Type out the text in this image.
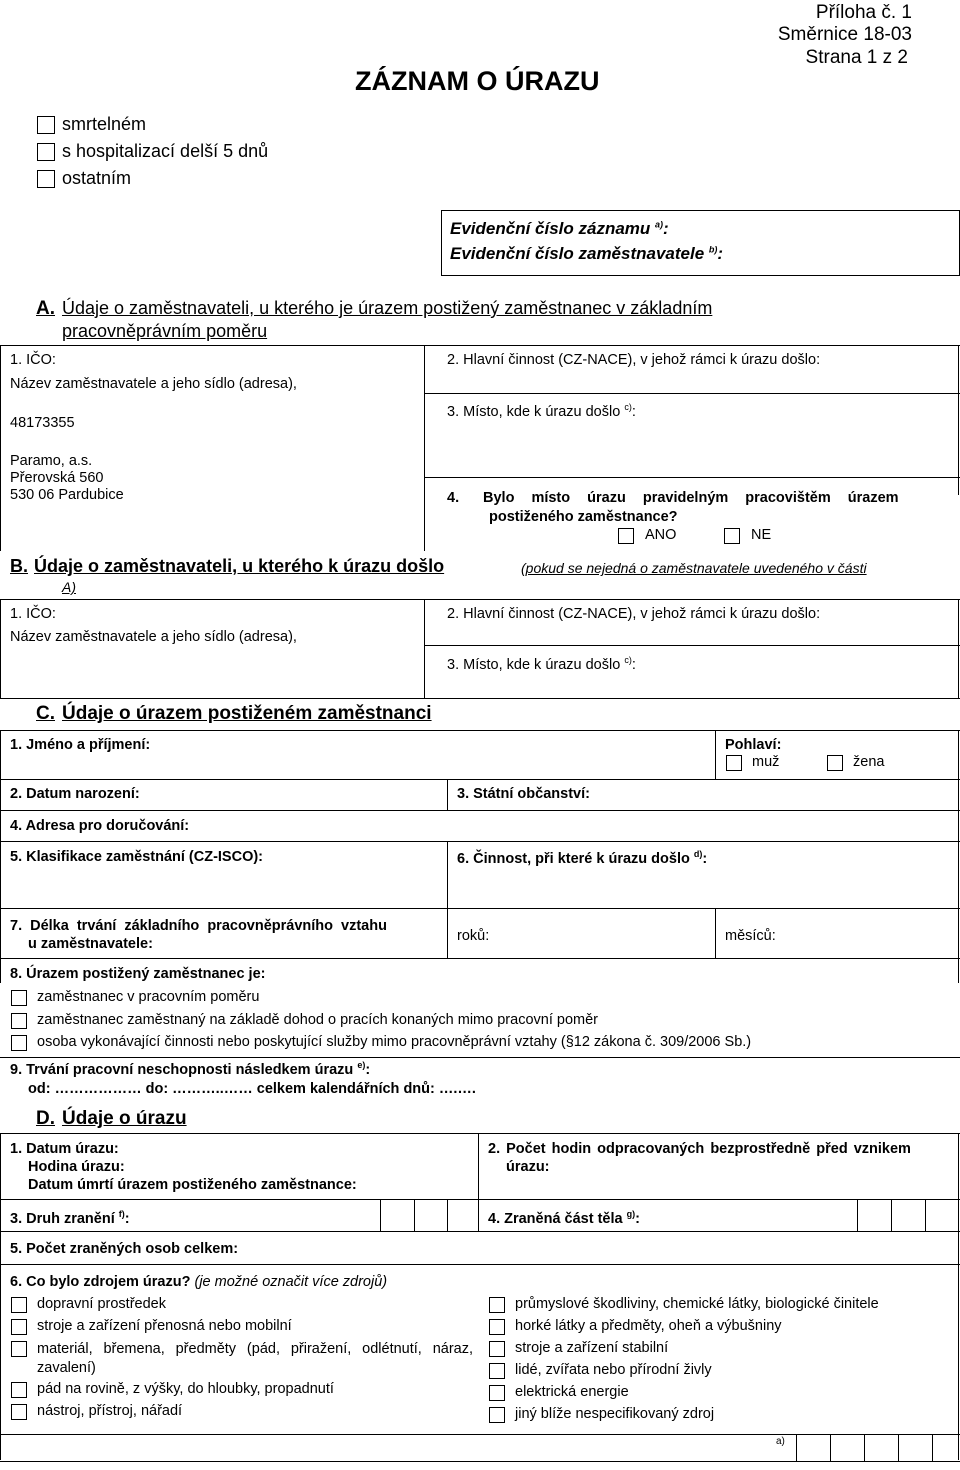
Příloha č. 1
Směrnice 18-03
Strana 1 z 2
ZÁZNAM O ÚRAZU
smrtelném
s hospitalizací delší 5 dnů
ostatním
Evidenční číslo záznamu $^{a)}$:
Evidenční číslo zaměstnavatele $^{b)}$:
A. Údaje o zaměstnavateli, u kterého je úrazem postižený zaměstnanec v základním
pracovněprávním poměru
1. IČO:
Název zaměstnavatele a jeho sídlo (adresa),
48173355
Paramo, a.s.
Přerovská 560
530 06 Pardubice
2. Hlavní činnost (CZ-NACE), v jehož rámci k úrazu došlo:
3. Místo, kde k úrazu došlo $^{c)}$:
4. Bylo místo úrazu pravidelným pracovištěm úrazem
postiženého zaměstnance?
ANO	NE
B. Údaje o zaměstnavateli, u kterého k úrazu došlo	(pokud se nejedná o zaměstnavatele uvedeného v části
A)
1. IČO:
Název zaměstnavatele a jeho sídlo (adresa),
2. Hlavní činnost (CZ-NACE), v jehož rámci k úrazu došlo:
3. Místo, kde k úrazu došlo $^{c)}$:
C. Údaje o úrazem postiženém zaměstnanci
1. Jméno a příjmení:	Pohlaví:
muž	žena
2. Datum narození:	3. Státní občanství:
4. Adresa pro doručování:
5. Klasifikace zaměstnání (CZ-ISCO):	6. Činnost, při které k úrazu došlo $^{d)}$:
7. Délka trvání základního pracovněprávního vztahu
u zaměstnavatele:	roků:	měsíců:
8. Úrazem postižený zaměstnanec je:
zaměstnanec v pracovním poměru
zaměstnanec zaměstnaný na základě dohod o pracích konaných mimo pracovní poměr
osoba vykonávající činnosti nebo poskytující služby mimo pracovněprávní vztahy (§12 zákona č. 309/2006 Sb.)
9. Trvání pracovní neschopnosti následkem úrazu $^{e)}$:
od: ……………… do: ………..…… celkem kalendářních dnů: ….….
D. Údaje o úrazu
1. Datum úrazu:
Hodina úrazu:
Datum úmrtí úrazem postiženého zaměstnance:
2. Počet hodin odpracovaných bezprostředně před vznikem
úrazu:
3. Druh zranění $^{f)}$:	4. Zraněná část těla $^{g)}$:
5. Počet zraněných osob celkem:
6. Co bylo zdrojem úrazu? (je možné označit více zdrojů)
dopravní prostředek
stroje a zařízení přenosná nebo mobilní
materiál, břemena, předměty (pád, přiražení, odlétnutí, náraz, zavalení)
pád na rovině, z výšky, do hloubky, propadnutí
nástroj, přístroj, nářadí
průmyslové škodliviny, chemické látky, biologické činitele
horké látky a předměty, oheň a výbušniny
stroje a zařízení stabilní
lidé, zvířata nebo přírodní živly
elektrická energie
jiný blíže nespecifikovaný zdroj
a)
